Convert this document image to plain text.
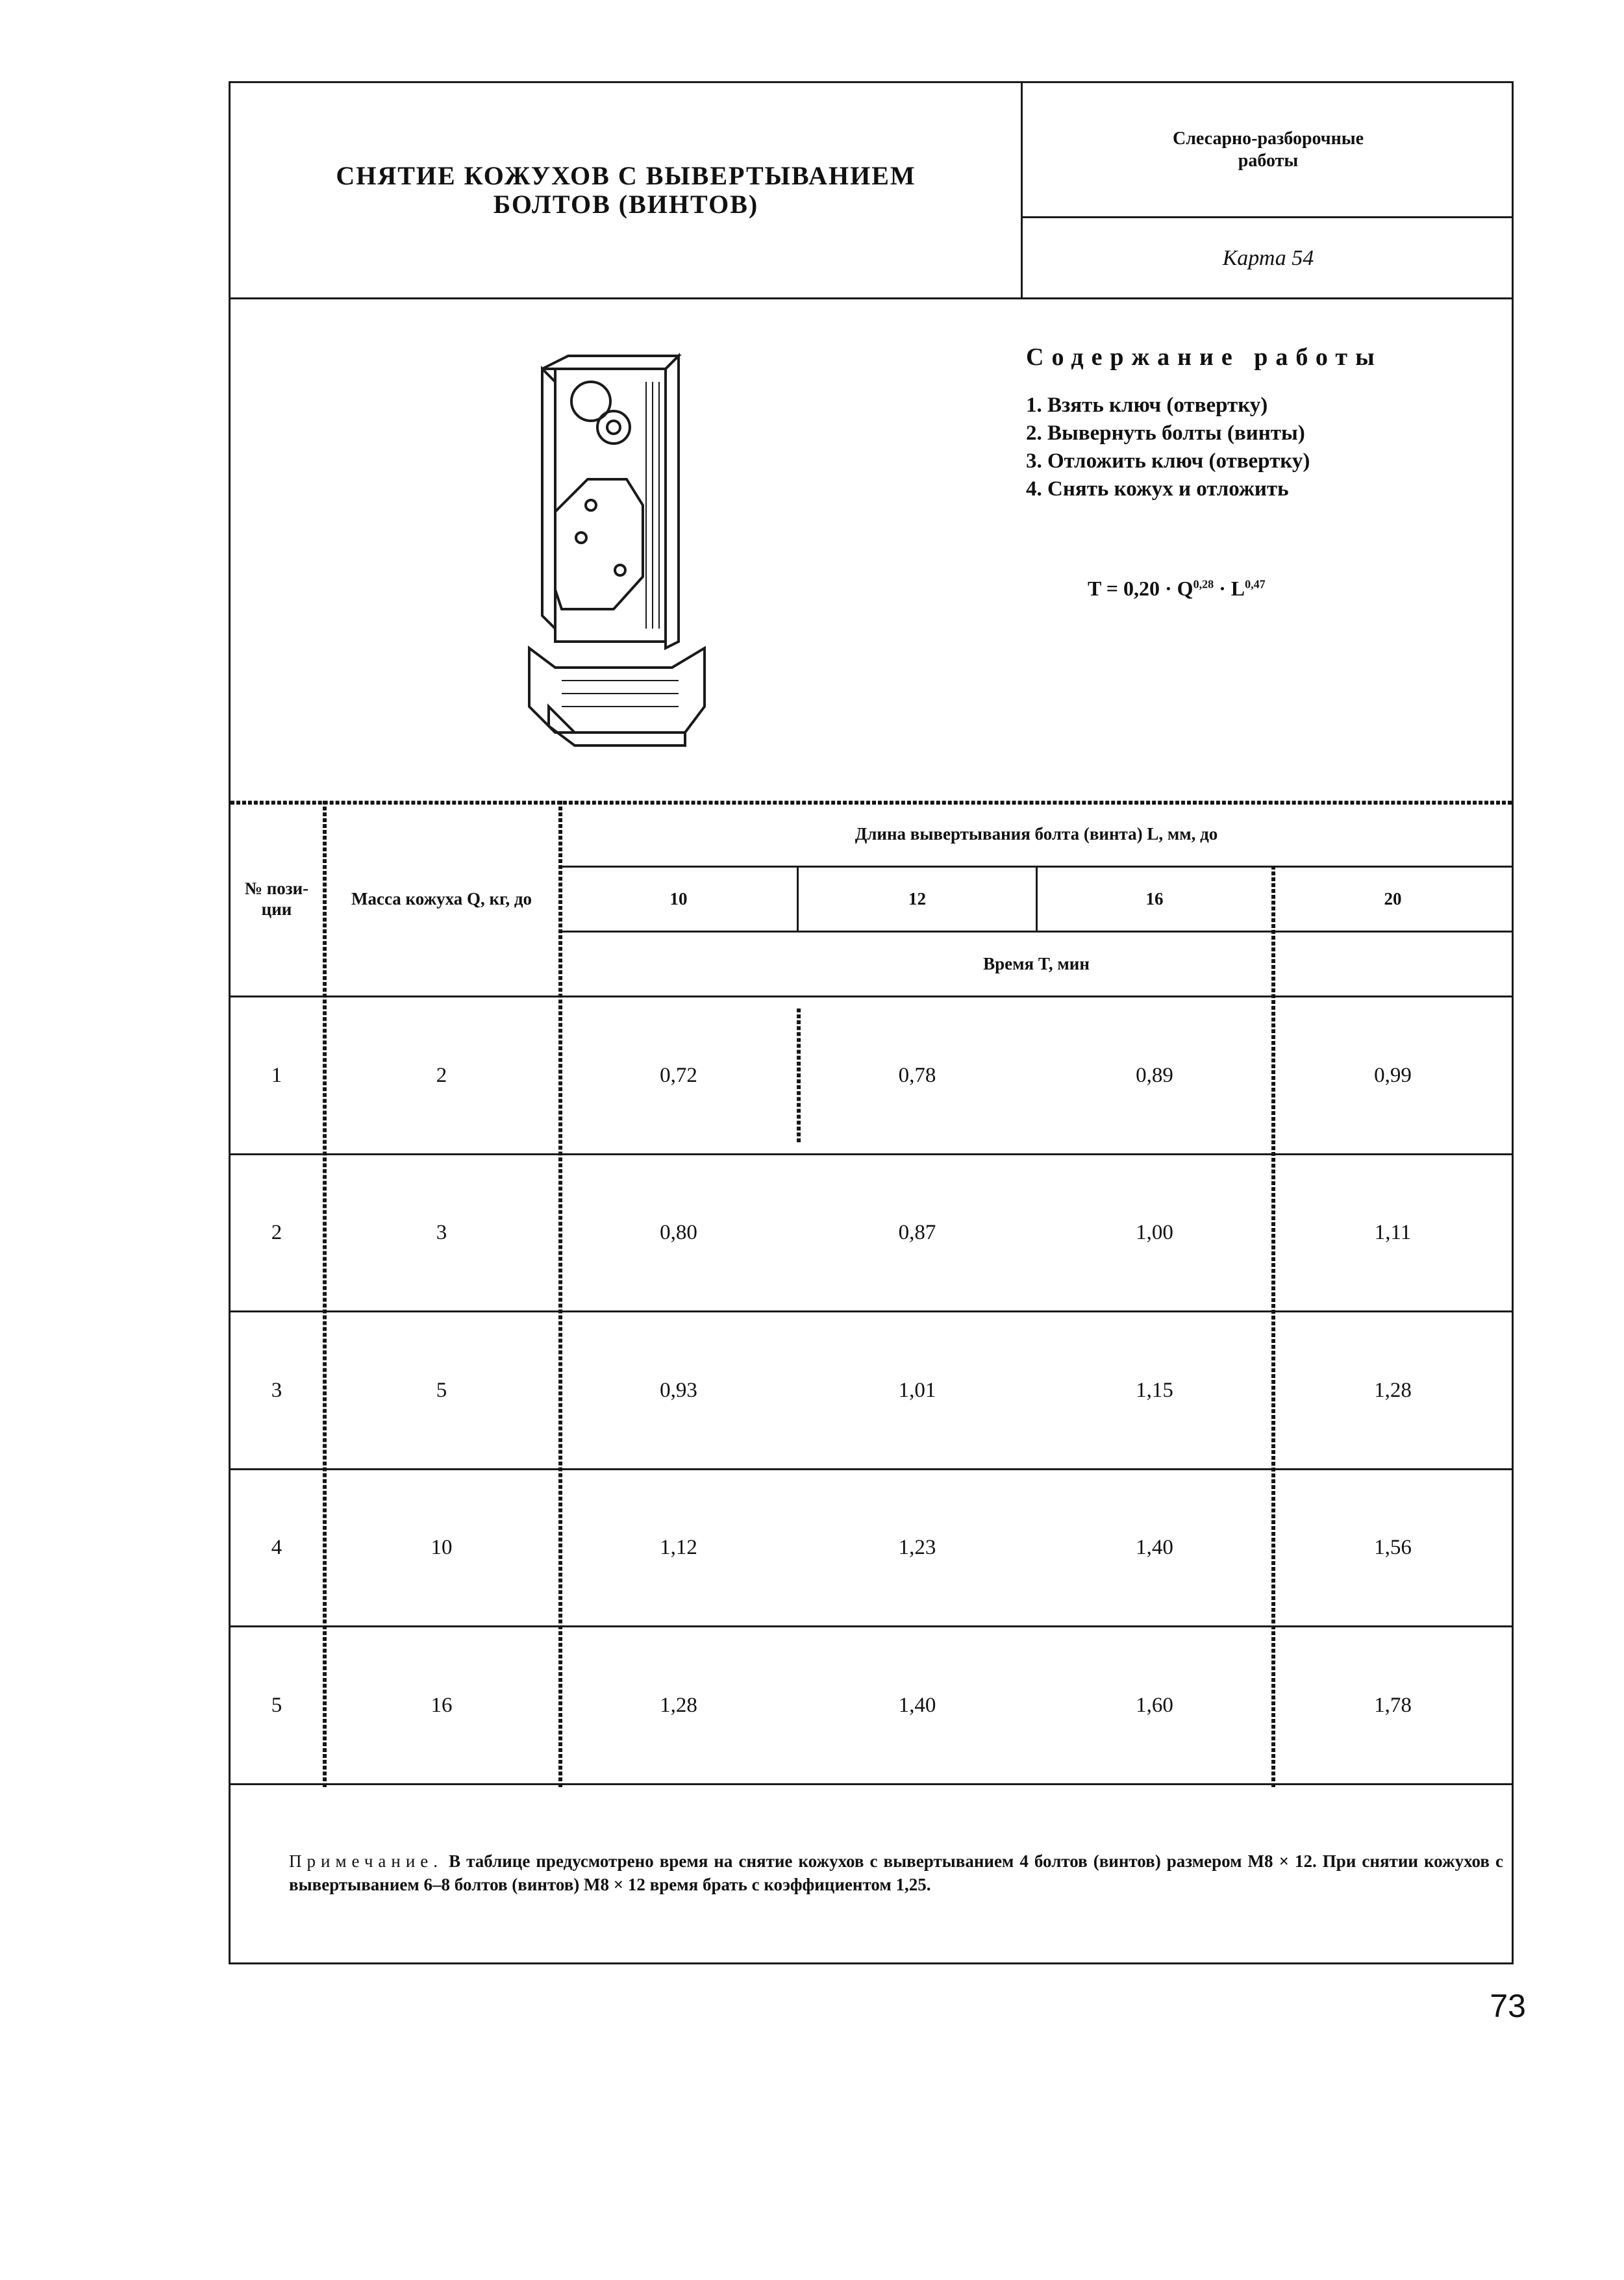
СНЯТИЕ КОЖУХОВ С ВЫВЕРТЫВАНИЕМ
БОЛТОВ (ВИНТОВ)
Слесарно-разборочные
работы
Карта 54
Содержание работы
1. Взять ключ (отвертку)
2. Вывернуть болты (винты)
3. Отложить ключ (отвертку)
4. Снять кожух и отложить
T = 0,20 · Q$^{0,28}$ · L$^{0,47}$
№ пози-ции
Масса кожуха Q, кг, до
Длина вывертывания болта (винта) L, мм, до
10	12	16	20
Время T, мин
1	2	0,72	0,78	0,89	0,99
2	3	0,80	0,87	1,00	1,11
3	5	0,93	1,01	1,15	1,28
4	10	1,12	1,23	1,40	1,56
5	16	1,28	1,40	1,60	1,78
Примечание. В таблице предусмотрено время на снятие кожухов с вывертыванием 4 болтов (винтов) размером М8 × 12. При снятии кожухов с вывертыванием 6–8 болтов (винтов) М8 × 12 время брать с коэффициентом 1,25.
73
